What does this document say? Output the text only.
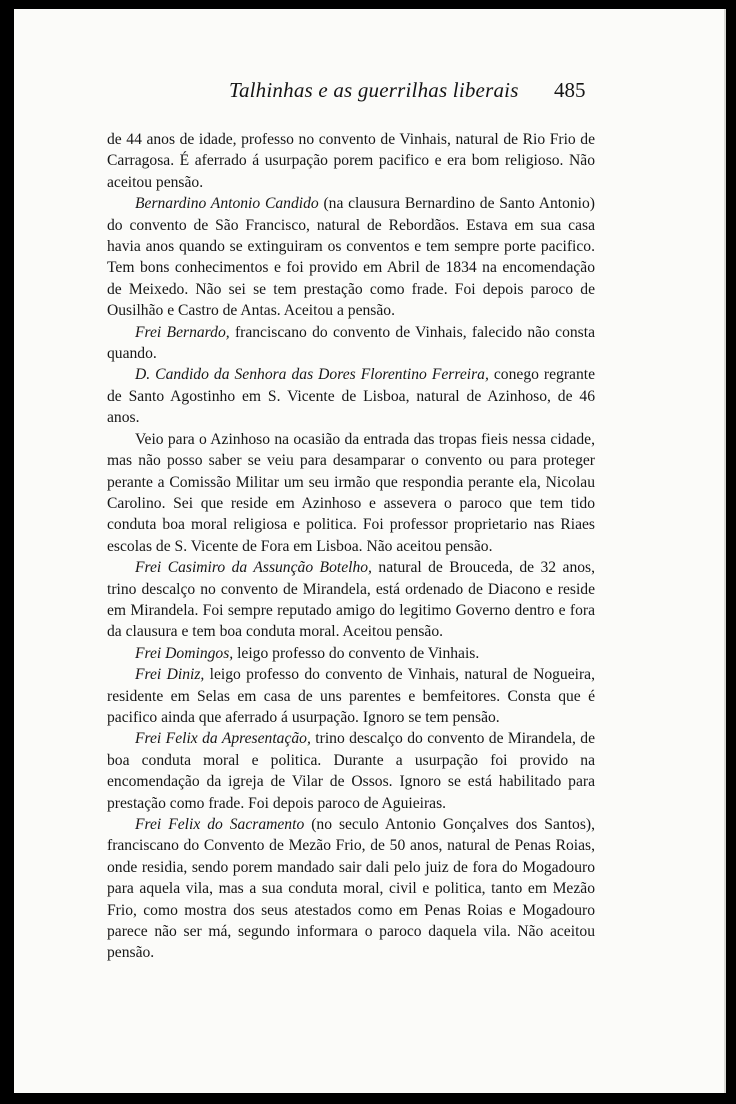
Talhinhas e as guerrilhas liberais 485

de 44 anos de idade, professo no convento de Vinhais, natural de Rio Frio de Carragosa. É aferrado á usurpação porem pacifico e era bom religioso. Não aceitou pensão.

Bernardino Antonio Candido (na clausura Bernardino de Santo Antonio) do convento de São Francisco, natural de Rebordãos. Estava em sua casa havia anos quando se extinguiram os conventos e tem sempre porte pacifico. Tem bons conhecimentos e foi provido em Abril de 1834 na encomendação de Meixedo. Não sei se tem prestação como frade. Foi depois paroco de Ousilhão e Castro de Antas. Aceitou a pensão.

Frei Bernardo, franciscano do convento de Vinhais, falecido não consta quando.

D. Candido da Senhora das Dores Florentino Ferreira, conego regrante de Santo Agostinho em S. Vicente de Lisboa, natural de Azinhoso, de 46 anos.

Veio para o Azinhoso na ocasião da entrada das tropas fieis nessa cidade, mas não posso saber se veiu para desamparar o convento ou para proteger perante a Comissão Militar um seu irmão que respondia perante ela, Nicolau Carolino. Sei que reside em Azinhoso e assevera o paroco que tem tido conduta boa moral religiosa e politica. Foi professor proprietario nas Riaes escolas de S. Vicente de Fora em Lisboa. Não aceitou pensão.

Frei Casimiro da Assunção Botelho, natural de Brouceda, de 32 anos, trino descalço no convento de Mirandela, está ordenado de Diacono e reside em Mirandela. Foi sempre reputado amigo do legitimo Governo dentro e fora da clausura e tem boa conduta moral. Aceitou pensão.

Frei Domingos, leigo professo do convento de Vinhais.

Frei Diniz, leigo professo do convento de Vinhais, natural de Nogueira, residente em Selas em casa de uns parentes e bemfeitores. Consta que é pacifico ainda que aferrado á usurpação. Ignoro se tem pensão.

Frei Felix da Apresentação, trino descalço do convento de Mirandela, de boa conduta moral e politica. Durante a usurpação foi provido na encomendação da igreja de Vilar de Ossos. Ignoro se está habilitado para prestação como frade. Foi depois paroco de Aguieiras.

Frei Felix do Sacramento (no seculo Antonio Gonçalves dos Santos), franciscano do Convento de Mezão Frio, de 50 anos, natural de Penas Roias, onde residia, sendo porem mandado sair dali pelo juiz de fora do Mogadouro para aquela vila, mas a sua conduta moral, civil e politica, tanto em Mezão Frio, como mostra dos seus atestados como em Penas Roias e Mogadouro parece não ser má, segundo informara o paroco daquela vila. Não aceitou pensão.
